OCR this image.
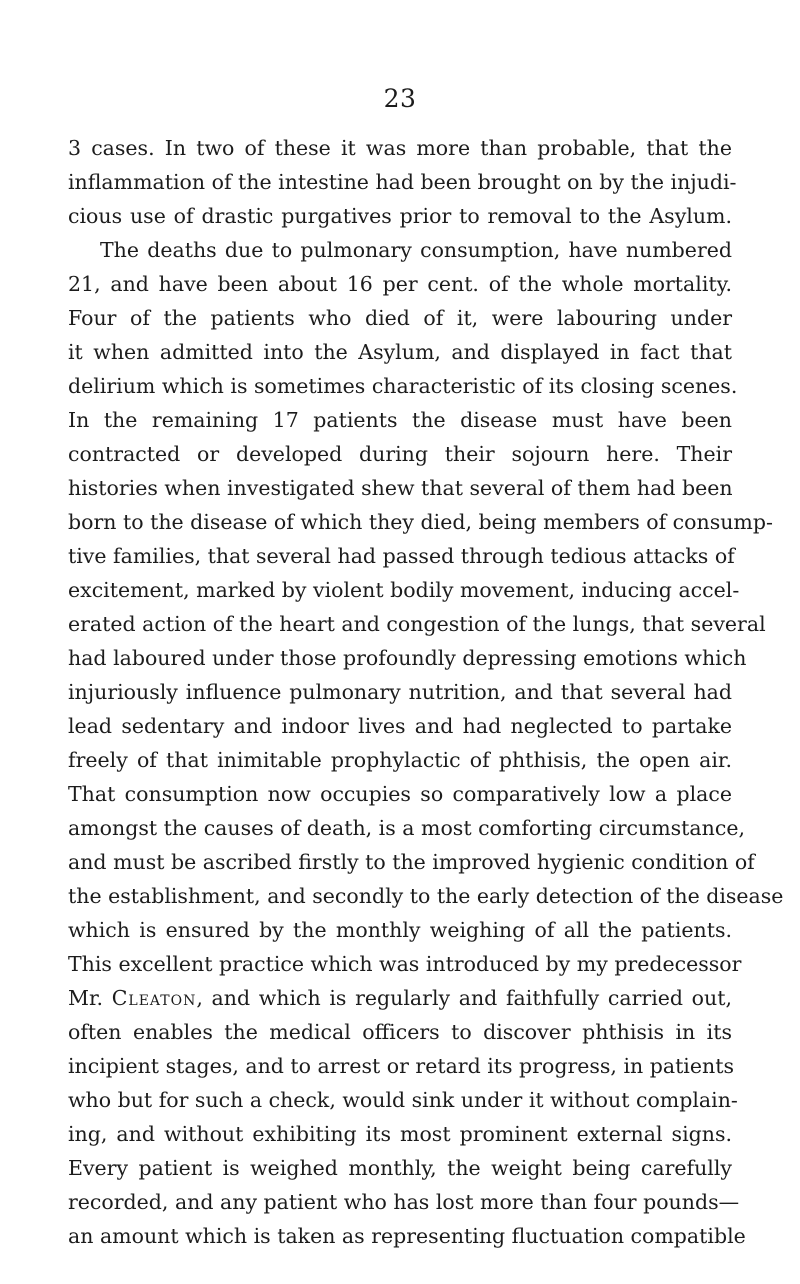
23
3 cases. In two of these it was more than probable, that the
inflammation of the intestine had been brought on by the injudi-
cious use of drastic purgatives prior to removal to the Asylum.
The deaths due to pulmonary consumption, have numbered
21, and have been about 16 per cent. of the whole mortality.
Four of the patients who died of it, were labouring under
it when admitted into the Asylum, and displayed in fact that
delirium which is sometimes characteristic of its closing scenes.
In the remaining 17 patients the disease must have been
contracted or developed during their sojourn here. Their
histories when investigated shew that several of them had been
born to the disease of which they died, being members of consump-
tive families, that several had passed through tedious attacks of
excitement, marked by violent bodily movement, inducing accel-
erated action of the heart and congestion of the lungs, that several
had laboured under those profoundly depressing emotions which
injuriously influence pulmonary nutrition, and that several had
lead sedentary and indoor lives and had neglected to partake
freely of that inimitable prophylactic of phthisis, the open air.
That consumption now occupies so comparatively low a place
amongst the causes of death, is a most comforting circumstance,
and must be ascribed firstly to the improved hygienic condition of
the establishment, and secondly to the early detection of the disease
which is ensured by the monthly weighing of all the patients.
This excellent practice which was introduced by my predecessor
Mr. Cleaton, and which is regularly and faithfully carried out,
often enables the medical officers to discover phthisis in its
incipient stages, and to arrest or retard its progress, in patients
who but for such a check, would sink under it without complain-
ing, and without exhibiting its most prominent external signs.
Every patient is weighed monthly, the weight being carefully
recorded, and any patient who has lost more than four pounds—
an amount which is taken as representing fluctuation compatible
